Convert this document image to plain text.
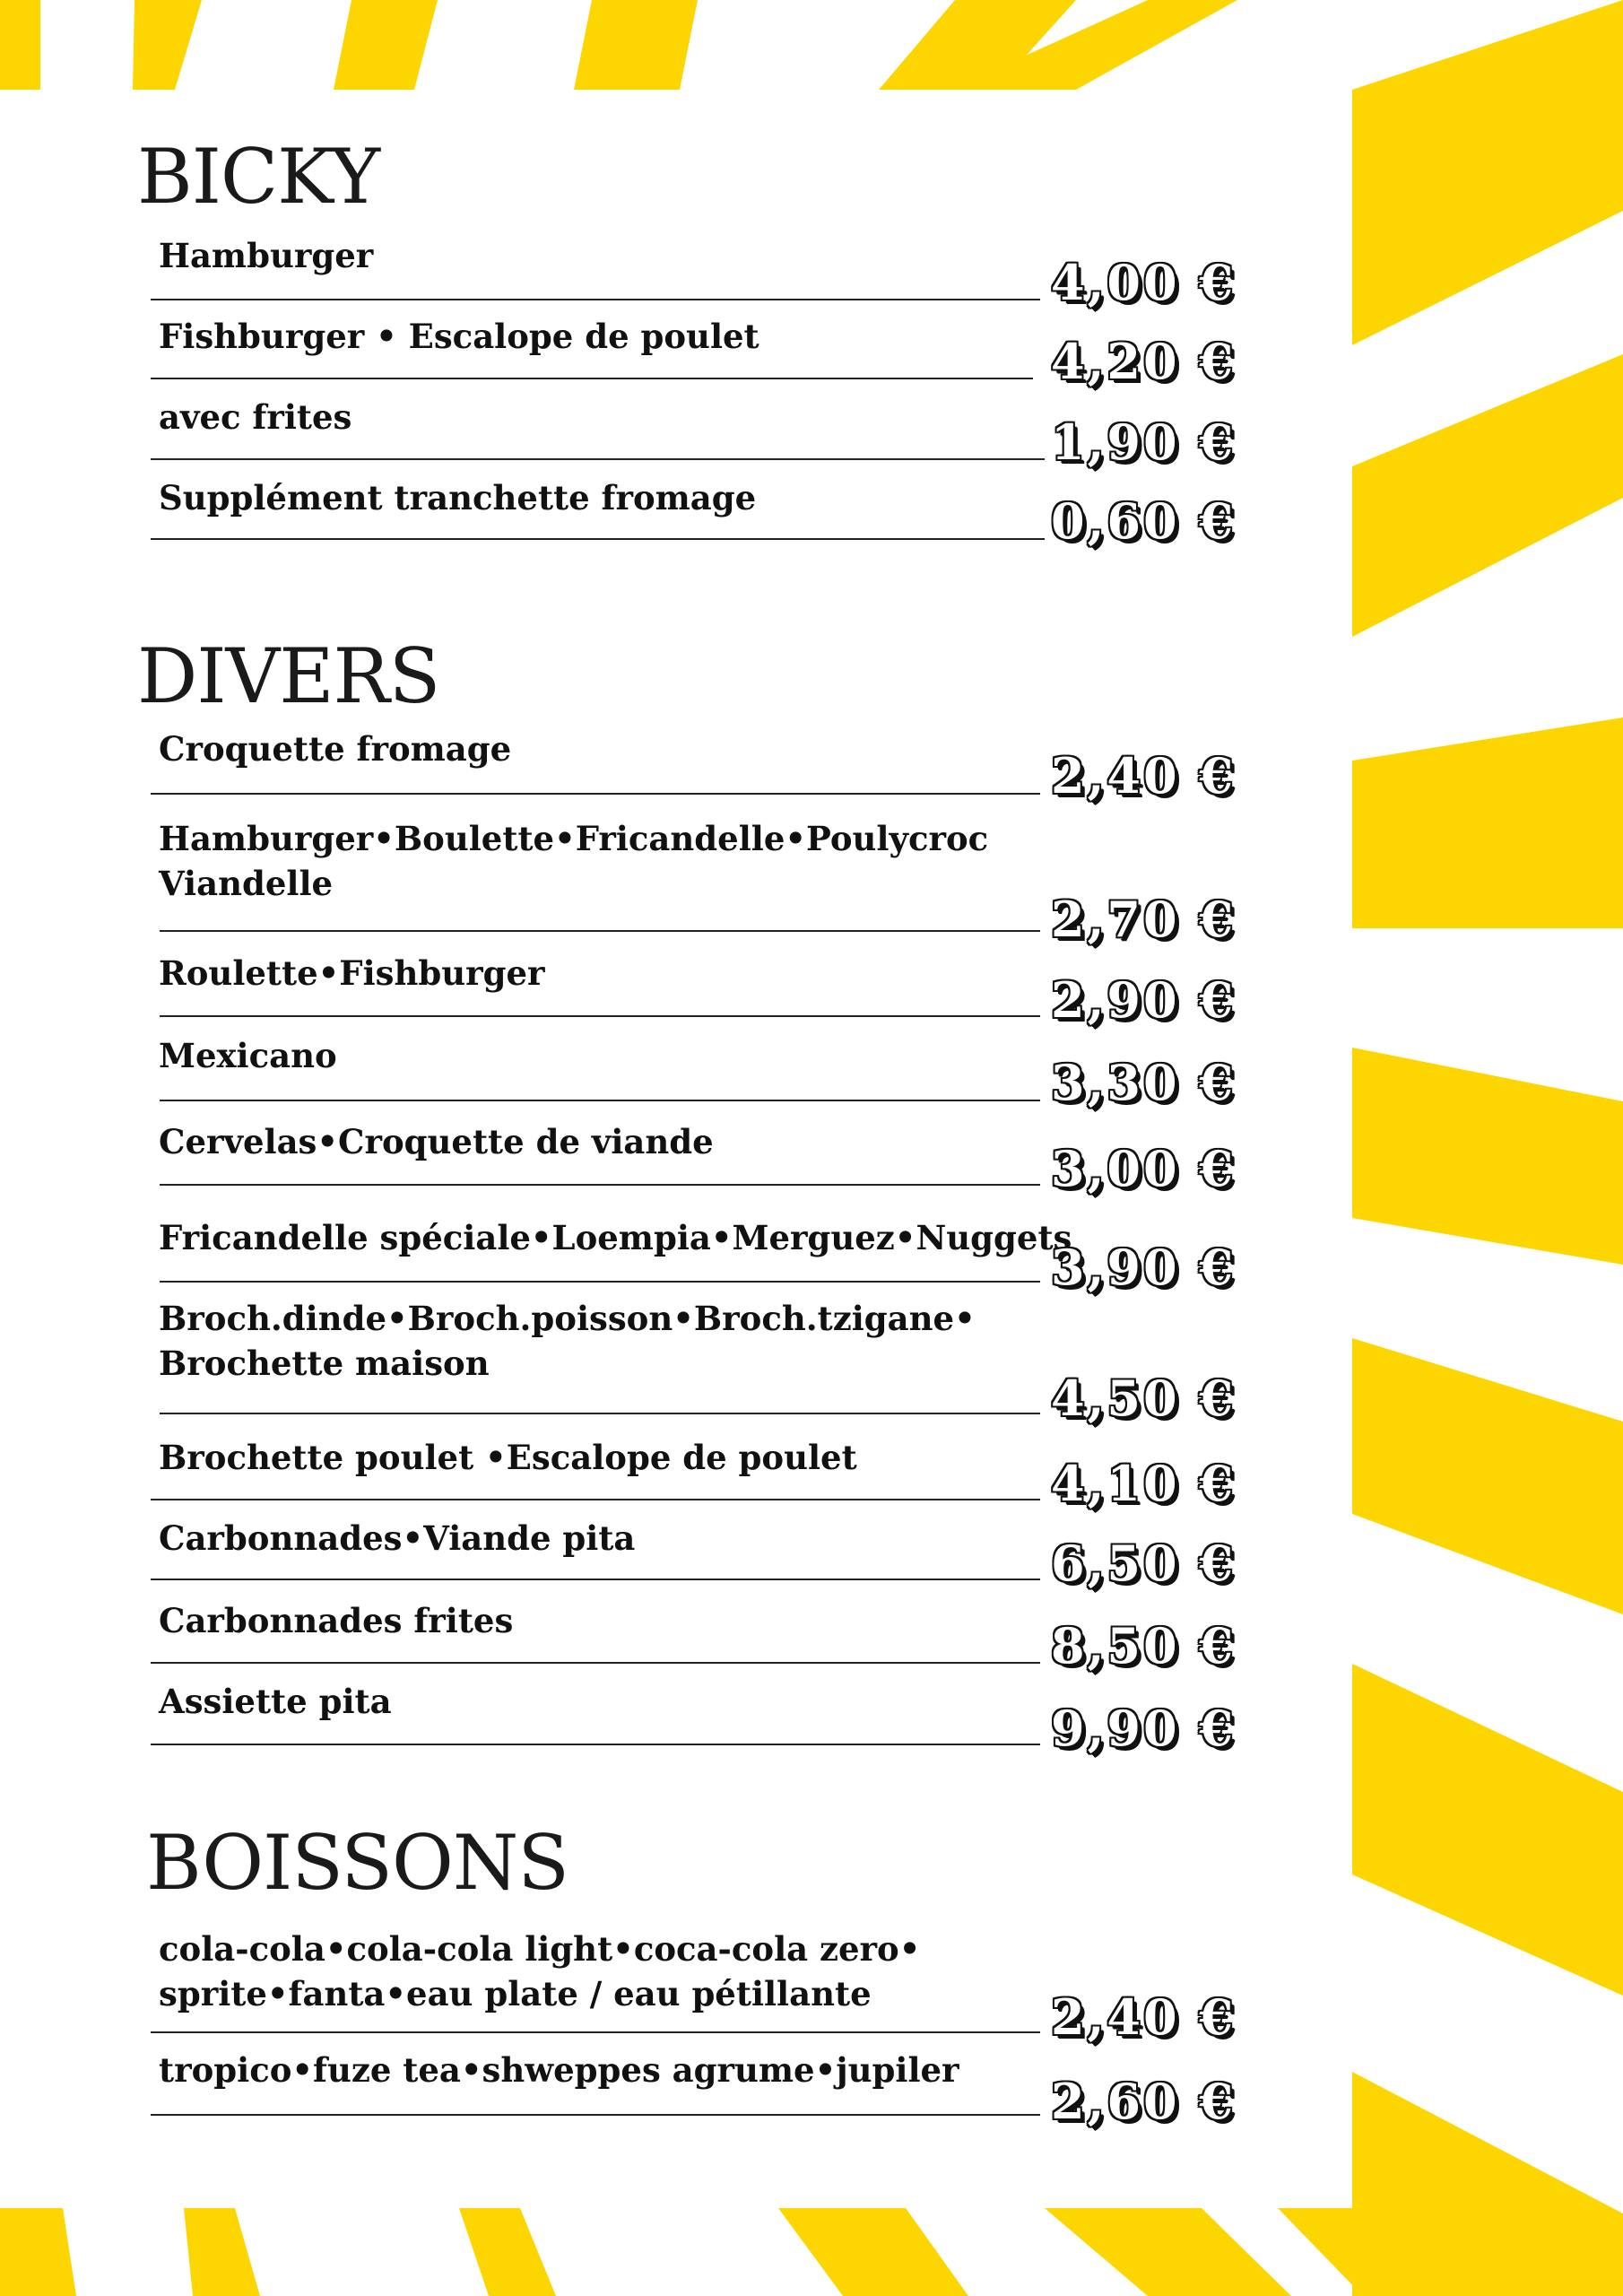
BICKY
Hamburger	4,00 €
Fishburger • Escalope de poulet	4,20 €
avec frites	1,90 €
Supplément tranchette fromage	0,60 €
DIVERS
Croquette fromage	2,40 €
Hamburger•Boulette•Fricandelle•Poulycroc
Viandelle
2,70 €
Roulette•Fishburger	2,90 €
Mexicano	3,30 €
Cervelas•Croquette de viande	3,00 €
Fricandelle spéciale•Loempia•Merguez•Nuggets
3,90 €
Broch.dinde•Broch.poisson•Broch.tzigane•
Brochette maison
4,50 €
Brochette poulet •Escalope de poulet	4,10 €
Carbonnades•Viande pita	6,50 €
Carbonnades frites	8,50 €
Assiette pita	9,90 €
BOISSONS
cola-cola•cola-cola light•coca-cola zero•
sprite•fanta•eau plate / eau pétillante	2,40 €
tropico•fuze tea•shweppes agrume•jupiler
2,60 €
